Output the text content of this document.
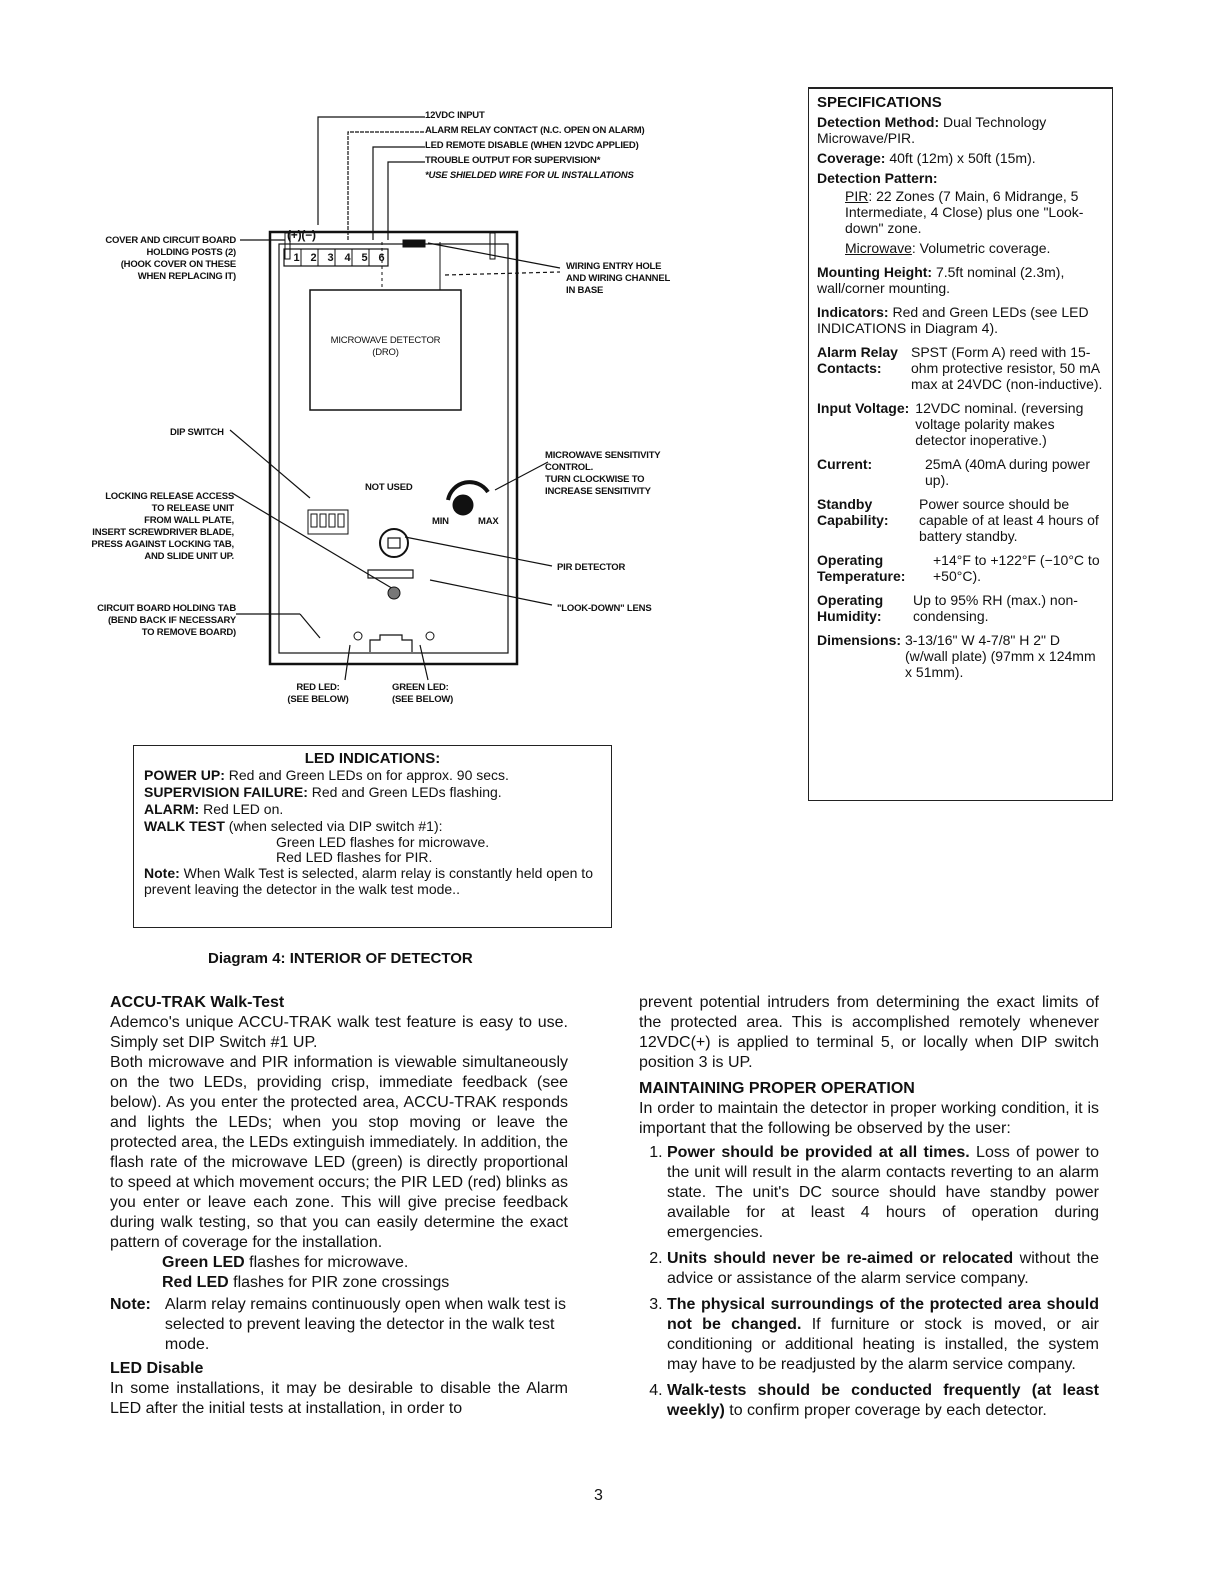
12VDC INPUT
ALARM RELAY CONTACT (N.C. OPEN ON ALARM)
LED REMOTE DISABLE (WHEN 12VDC APPLIED)
TROUBLE OUTPUT FOR SUPERVISION*
*USE SHIELDED WIRE FOR UL INSTALLATIONS
(+)(−)
1 2 3 4 5 6
COVER AND CIRCUIT BOARD
HOLDING POSTS (2)
(HOOK COVER ON THESE
WHEN REPLACING IT)
WIRING ENTRY HOLE
AND WIRING CHANNEL
IN BASE
MICROWAVE DETECTOR
(DRO)
DIP SWITCH
NOT USED
LOCKING RELEASE ACCESS
TO RELEASE UNIT
FROM WALL PLATE,
INSERT SCREWDRIVER BLADE,
PRESS AGAINST LOCKING TAB,
AND SLIDE UNIT UP.
MICROWAVE SENSITIVITY
CONTROL.
TURN CLOCKWISE TO
INCREASE SENSITIVITY
MIN	MAX
PIR DETECTOR
"LOOK-DOWN" LENS
CIRCUIT BOARD HOLDING TAB
(BEND BACK IF NECESSARY
TO REMOVE BOARD)
RED LED:
(SEE BELOW)
GREEN LED:
(SEE BELOW)
SPECIFICATIONS
Detection Method: Dual Technology Microwave/PIR.
Coverage: 40ft (12m) x 50ft (15m).
Detection Pattern:
PIR: 22 Zones (7 Main, 6 Midrange, 5 Intermediate, 4 Close) plus one "Look-down" zone.
Microwave: Volumetric coverage.
Mounting Height: 7.5ft nominal (2.3m), wall/corner mounting.
Indicators: Red and Green LEDs (see LED INDICATIONS in Diagram 4).
Alarm Relay Contacts:
SPST (Form A) reed with 15-ohm protective resistor, 50 mA max at 24VDC (non-inductive).
Input Voltage: 12VDC nominal. (reversing voltage polarity makes detector inoperative.)
Current:	25mA (40mA during power up).
Standby Capability:
Power source should be capable of at least 4 hours of battery standby.
Operating Temperature:
+14°F to +122°F (−10°C to +50°C).
Operating Humidity:
Up to 95% RH (max.) non-condensing.
Dimensions: 3-13/16" W 4-7/8" H 2" D (w/wall plate) (97mm x 124mm x 51mm).
LED INDICATIONS:
POWER UP: Red and Green LEDs on for approx. 90 secs.
SUPERVISION FAILURE: Red and Green LEDs flashing.
ALARM: Red LED on.
WALK TEST (when selected via DIP switch #1):
Green LED flashes for microwave.
Red LED flashes for PIR.
Note: When Walk Test is selected, alarm relay is constantly held open to prevent leaving the detector in the walk test mode..
Diagram 4: INTERIOR OF DETECTOR
ACCU-TRAK Walk-Test

Ademco's unique ACCU-TRAK walk test feature is easy to use. Simply set DIP Switch #1 UP.

Both microwave and PIR information is viewable simultaneously on the two LEDs, providing crisp, immediate feedback (see below). As you enter the protected area, ACCU-TRAK responds and lights the LEDs; when you stop moving or leave the protected area, the LEDs extinguish immediately. In addition, the flash rate of the microwave LED (green) is directly proportional to speed at which movement occurs; the PIR LED (red) blinks as you enter or leave each zone. This will give precise feedback during walk testing, so that you can easily determine the exact pattern of coverage for the installation.

Green LED flashes for microwave.

Red LED flashes for PIR zone crossings

Note: Alarm relay remains continuously open when walk test is selected to prevent leaving the detector in the walk test mode.

LED Disable

In some installations, it may be desirable to disable the Alarm LED after the initial tests at installation, in order to

prevent potential intruders from determining the exact limits of the protected area. This is accomplished remotely whenever 12VDC(+) is applied to terminal 5, or locally when DIP switch position 3 is UP.

MAINTAINING PROPER OPERATION

In order to maintain the detector in proper working condition, it is important that the following be observed by the user:

1. Power should be provided at all times. Loss of power to the unit will result in the alarm contacts reverting to an alarm state. The unit's DC source should have standby power available for at least 4 hours of operation during emergencies.
2. Units should never be re-aimed or relocated without the advice or assistance of the alarm service company.
3. The physical surroundings of the protected area should not be changed. If furniture or stock is moved, or air conditioning or additional heating is installed, the system may have to be readjusted by the alarm service company.
4. Walk-tests should be conducted frequently (at least weekly) to confirm proper coverage by each detector.
3
